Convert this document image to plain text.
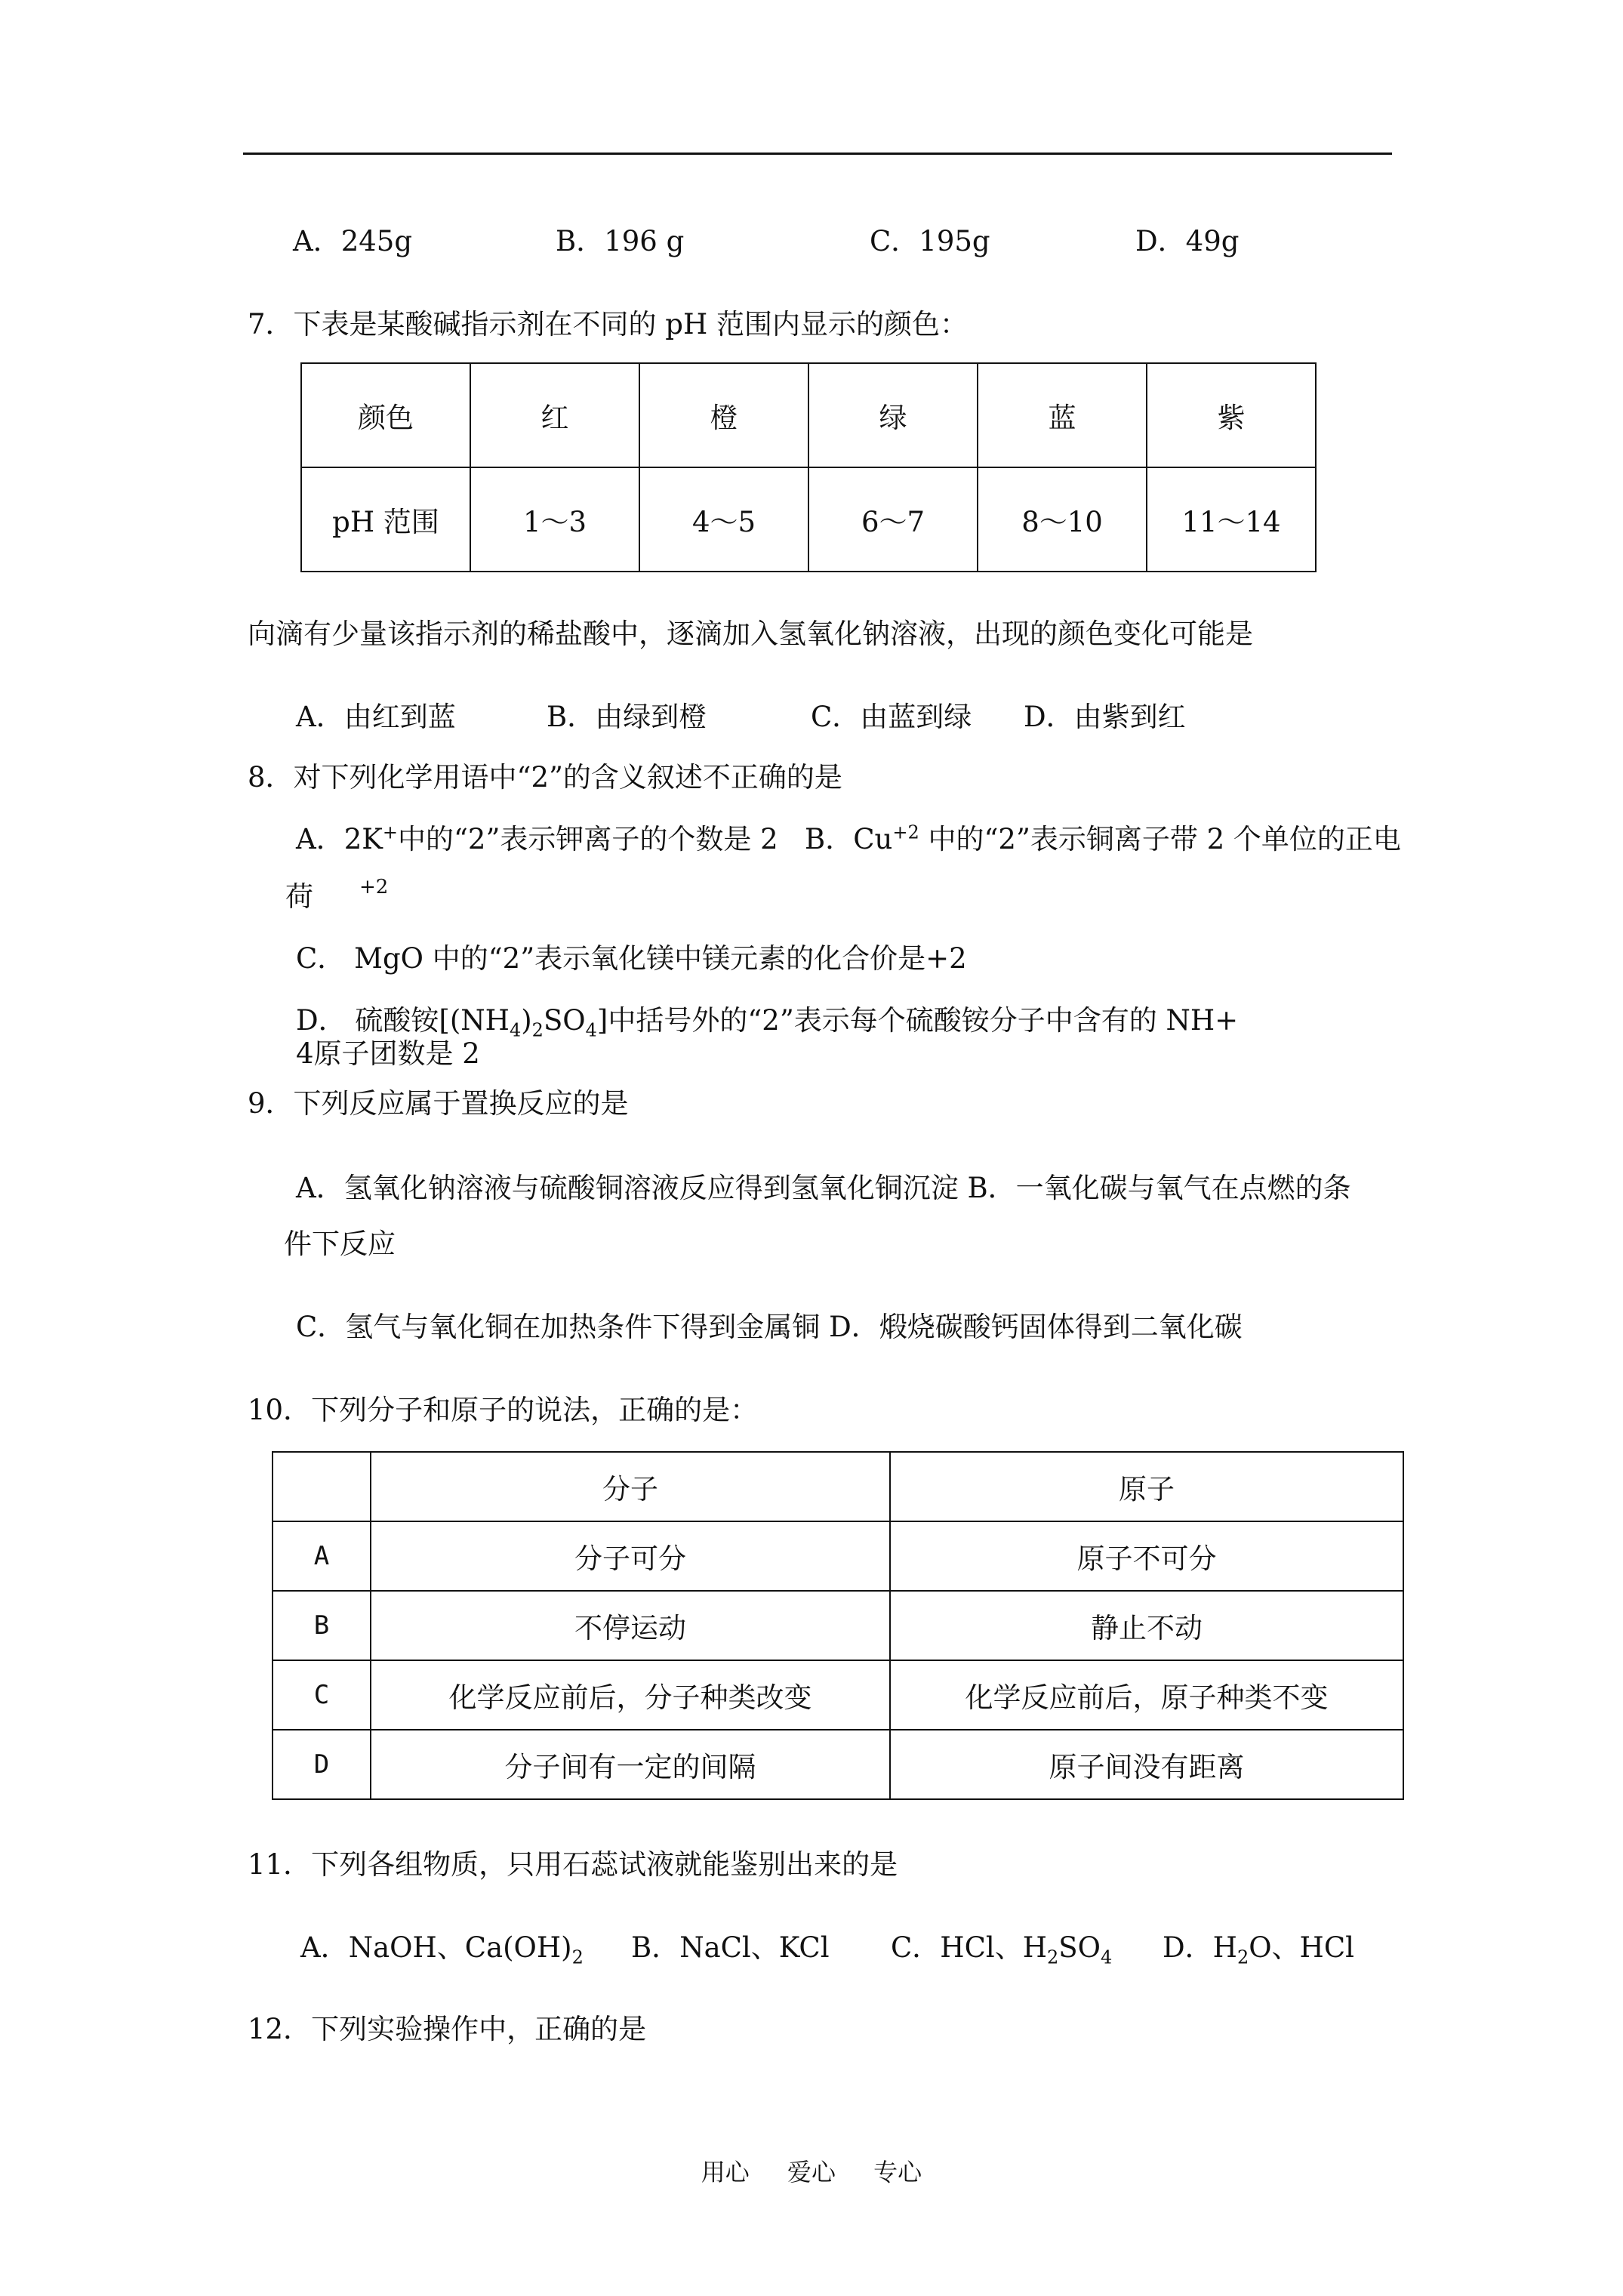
A．245g	B．196 g	C．195g	D．49g
7．下表是某酸碱指示剂在不同的 pH 范围内显示的颜色：
颜色	红	橙	绿	蓝	紫
pH 范围	1～3	4～5	6～7	8～10	11～14
向滴有少量该指示剂的稀盐酸中，逐滴加入氢氧化钠溶液，出现的颜色变化可能是
A．由红到蓝	B．由绿到橙	C．由蓝到绿 D．由紫到红
8．对下列化学用语中“2”的含义叙述不正确的是
A．2K+中的“2”表示钾离子的个数是 2 B．$Cu^{+2}$ 中的“2”表示铜离子带 2 个单位的正电
荷 +2
C． MgO 中的“2”表示氧化镁中镁元素的化合价是+2
D． 硫酸铵$[(NH_4)_2SO_4]$中括号外的“2”表示每个硫酸铵分子中含有的 NH+
4原子团数是 2
9．下列反应属于置换反应的是
A．氢氧化钠溶液与硫酸铜溶液反应得到氢氧化铜沉淀 B．一氧化碳与氧气在点燃的条
件下反应
C．氢气与氧化铜在加热条件下得到金属铜 D．煅烧碳酸钙固体得到二氧化碳
10．下列分子和原子的说法，正确的是：
	分子	原子
A	分子可分	原子不可分
B	不停运动	静止不动
C	化学反应前后，分子种类改变	化学反应前后，原子种类不变
D	分子间有一定的间隔	原子间没有距离
11．下列各组物质，只用石蕊试液就能鉴别出来的是
A．NaOH、$Ca(OH)_2$ B．NaCl、KCl C．HCl、$H_2SO_4$ D．$H_2O$、HCl
12．下列实验操作中，正确的是
用心 爱心 专心
